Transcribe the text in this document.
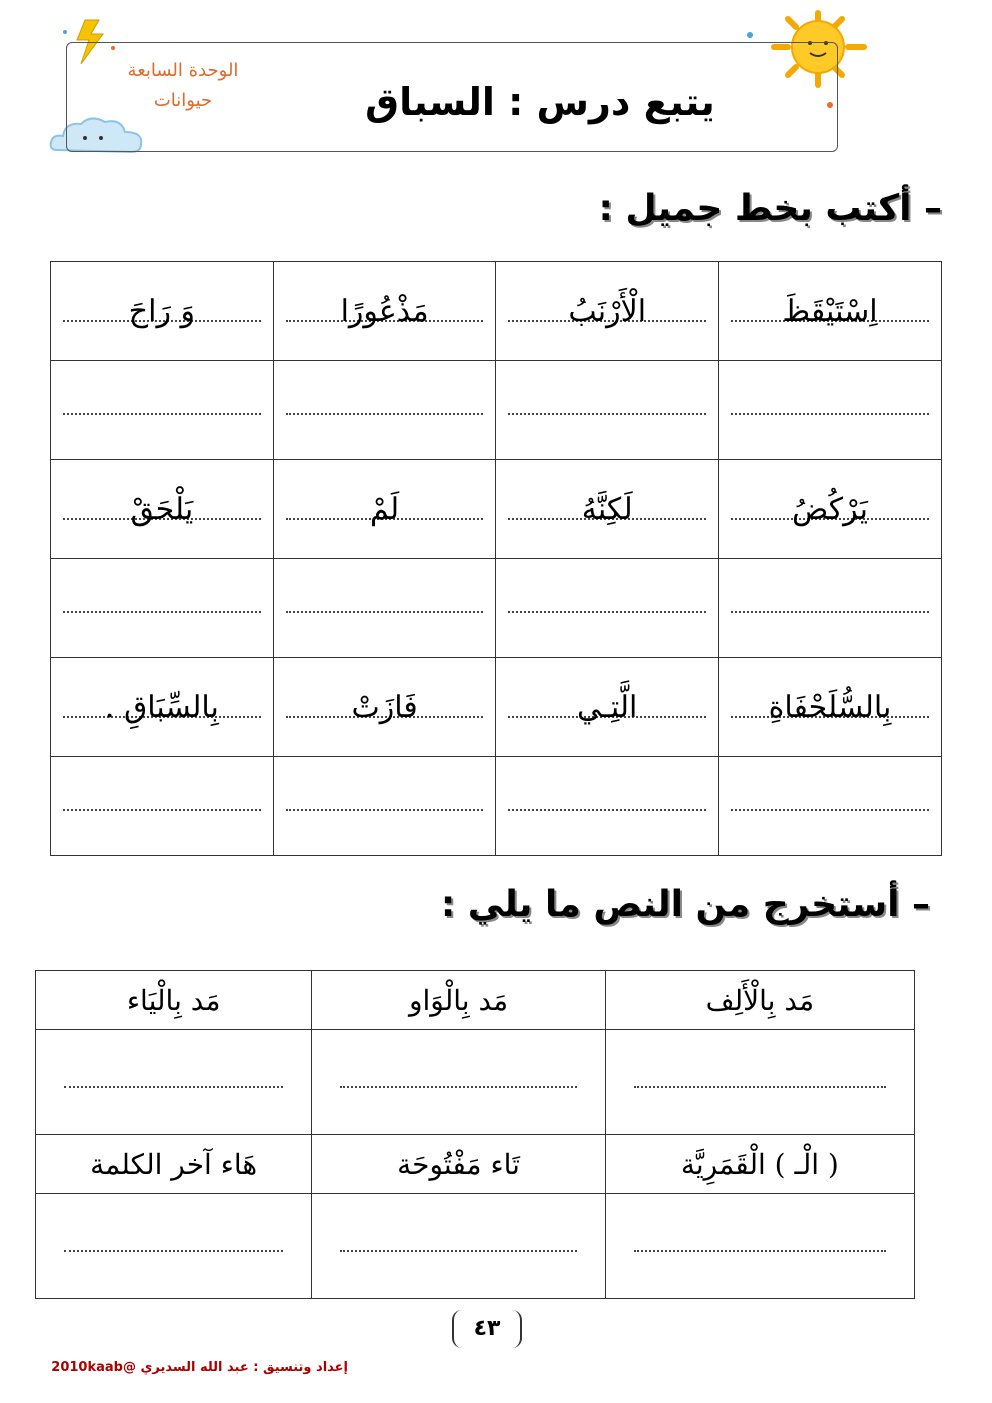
الوحدة السابعة
حيوانات	يتبع درس : السباق
– أكتب بخط جميل :
اِسْتَيْقَظَ	الْأَرْنَبُ	مَذْعُورًا	وَ رَاحَ

يَرْكُضُ	لَكِنَّهُ	لَمْ	يَلْحَقْ

بِالسُّلَحْفَاةِ	الَّتِـي	فَازَتْ	بِالسِّبَاقِ .

– أستخرج من النص ما يلي :
مَد بِالْأَلِف	مَد بِالْوَاو	مَد بِالْيَاء

( الْـ ) الْقَمَرِيَّة	تَاء مَفْتُوحَة	هَاء آخر الكلمة

٤٣
إعداد وتنسيق : عبد الله السديري @2010kaab
